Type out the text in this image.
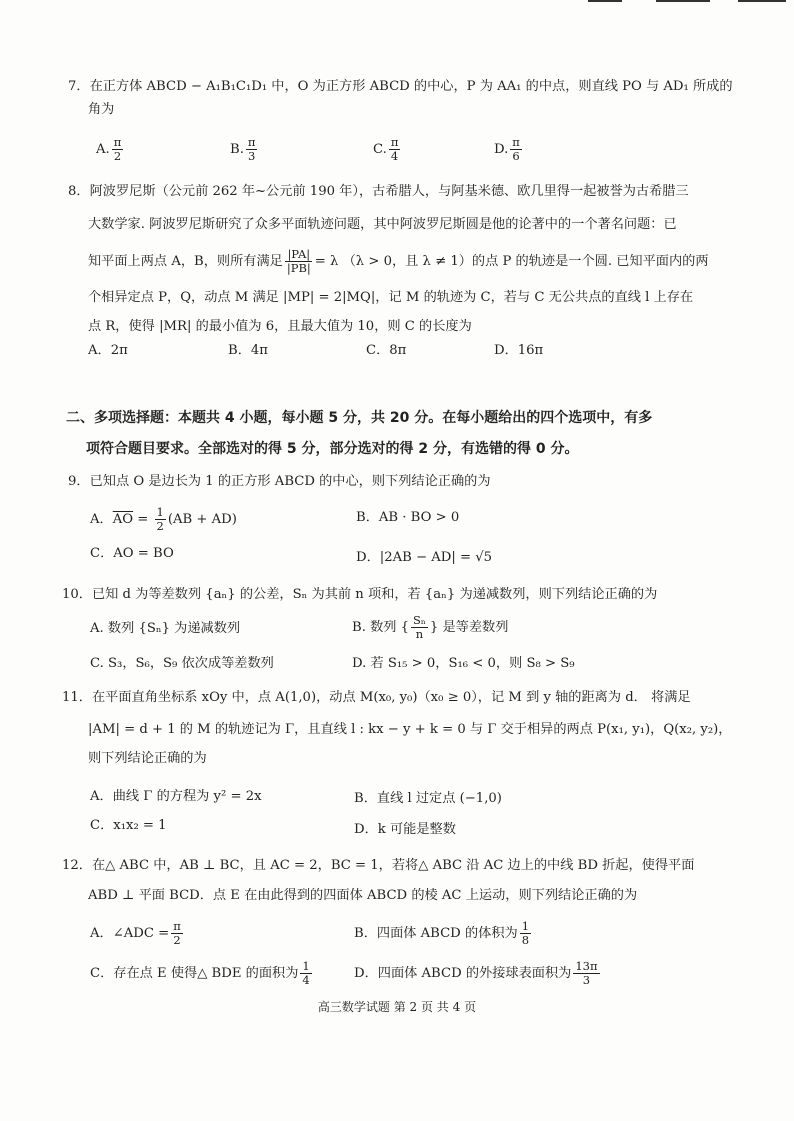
7．在正方体 ABCD − A₁B₁C₁D₁ 中，O 为正方形 ABCD 的中心，P 为 AA₁ 的中点，则直线 PO 与 AD₁ 所成的
角为
A. $\frac{\pi}{2}$	B. $\frac{\pi}{3}$	C. $\frac{\pi}{4}$	D. $\frac{\pi}{6}$
8．阿波罗尼斯（公元前 262 年~公元前 190 年），古希腊人，与阿基米德、欧几里得一起被誉为古希腊三
大数学家. 阿波罗尼斯研究了众多平面轨迹问题，其中阿波罗尼斯圆是他的论著中的一个著名问题：已
知平面上两点 A，B，则所有满足 $\frac{|PA|}{|PB|} = \lambda$ （λ > 0，且 λ ≠ 1）的点 P 的轨迹是一个圆. 已知平面内的两
个相异定点 P，Q，动点 M 满足 |MP| = 2|MQ|，记 M 的轨迹为 C，若与 C 无公共点的直线 l 上存在
点 R，使得 |MR| 的最小值为 6，且最大值为 10，则 C 的长度为
A．2π	B．4π	C．8π	D．16π
二、多项选择题：本题共 4 小题，每小题 5 分，共 20 分。在每小题给出的四个选项中，有多
项符合题目要求。全部选对的得 5 分，部分选对的得 2 分，有选错的得 0 分。
9．已知点 O 是边长为 1 的正方形 ABCD 的中心，则下列结论正确的为
A．$\overline{AO} = \frac{1}{2} (AB + AD)$	B．AB · BO > 0
C．AO = BO	D．|2AB − AD| = √5
10．已知 d 为等差数列 {aₙ} 的公差，Sₙ 为其前 n 项和，若 {aₙ} 为递减数列，则下列结论正确的为
A. 数列 {Sₙ} 为递减数列	B. 数列 { $\frac{\text{Sₙ}}{n}$ } 是等差数列
C. S₃，S₆，S₉ 依次成等差数列	D. 若 S₁₅ > 0，S₁₆ < 0，则 S₈ > S₉
11．在平面直角坐标系 xOy 中，点 A(1,0)，动点 M(x₀, y₀)（x₀ ≥ 0），记 M 到 y 轴的距离为 d． 将满足
|AM| = d + 1 的 M 的轨迹记为 Γ，且直线 l : kx − y + k = 0 与 Γ 交于相异的两点 P(x₁, y₁)，Q(x₂, y₂)，
则下列结论正确的为
A．曲线 Γ 的方程为 y² = 2x	B．直线 l 过定点 (−1,0)
C．x₁x₂ = 1	D．k 可能是整数
12．在△ ABC 中，AB ⊥ BC，且 AC = 2，BC = 1，若将△ ABC 沿 AC 边上的中线 BD 折起，使得平面
ABD ⊥ 平面 BCD．点 E 在由此得到的四面体 ABCD 的棱 AC 上运动，则下列结论正确的为
A．∠ADC = $\frac{\pi}{2}$	B．四面体 ABCD 的体积为 $\frac{1}{8}$
C．存在点 E 使得△ BDE 的面积为 $\frac{1}{4}$	D．四面体 ABCD 的外接球表面积为 $\frac{13\pi}{3}$
高三数学试题 第 2 页 共 4 页
